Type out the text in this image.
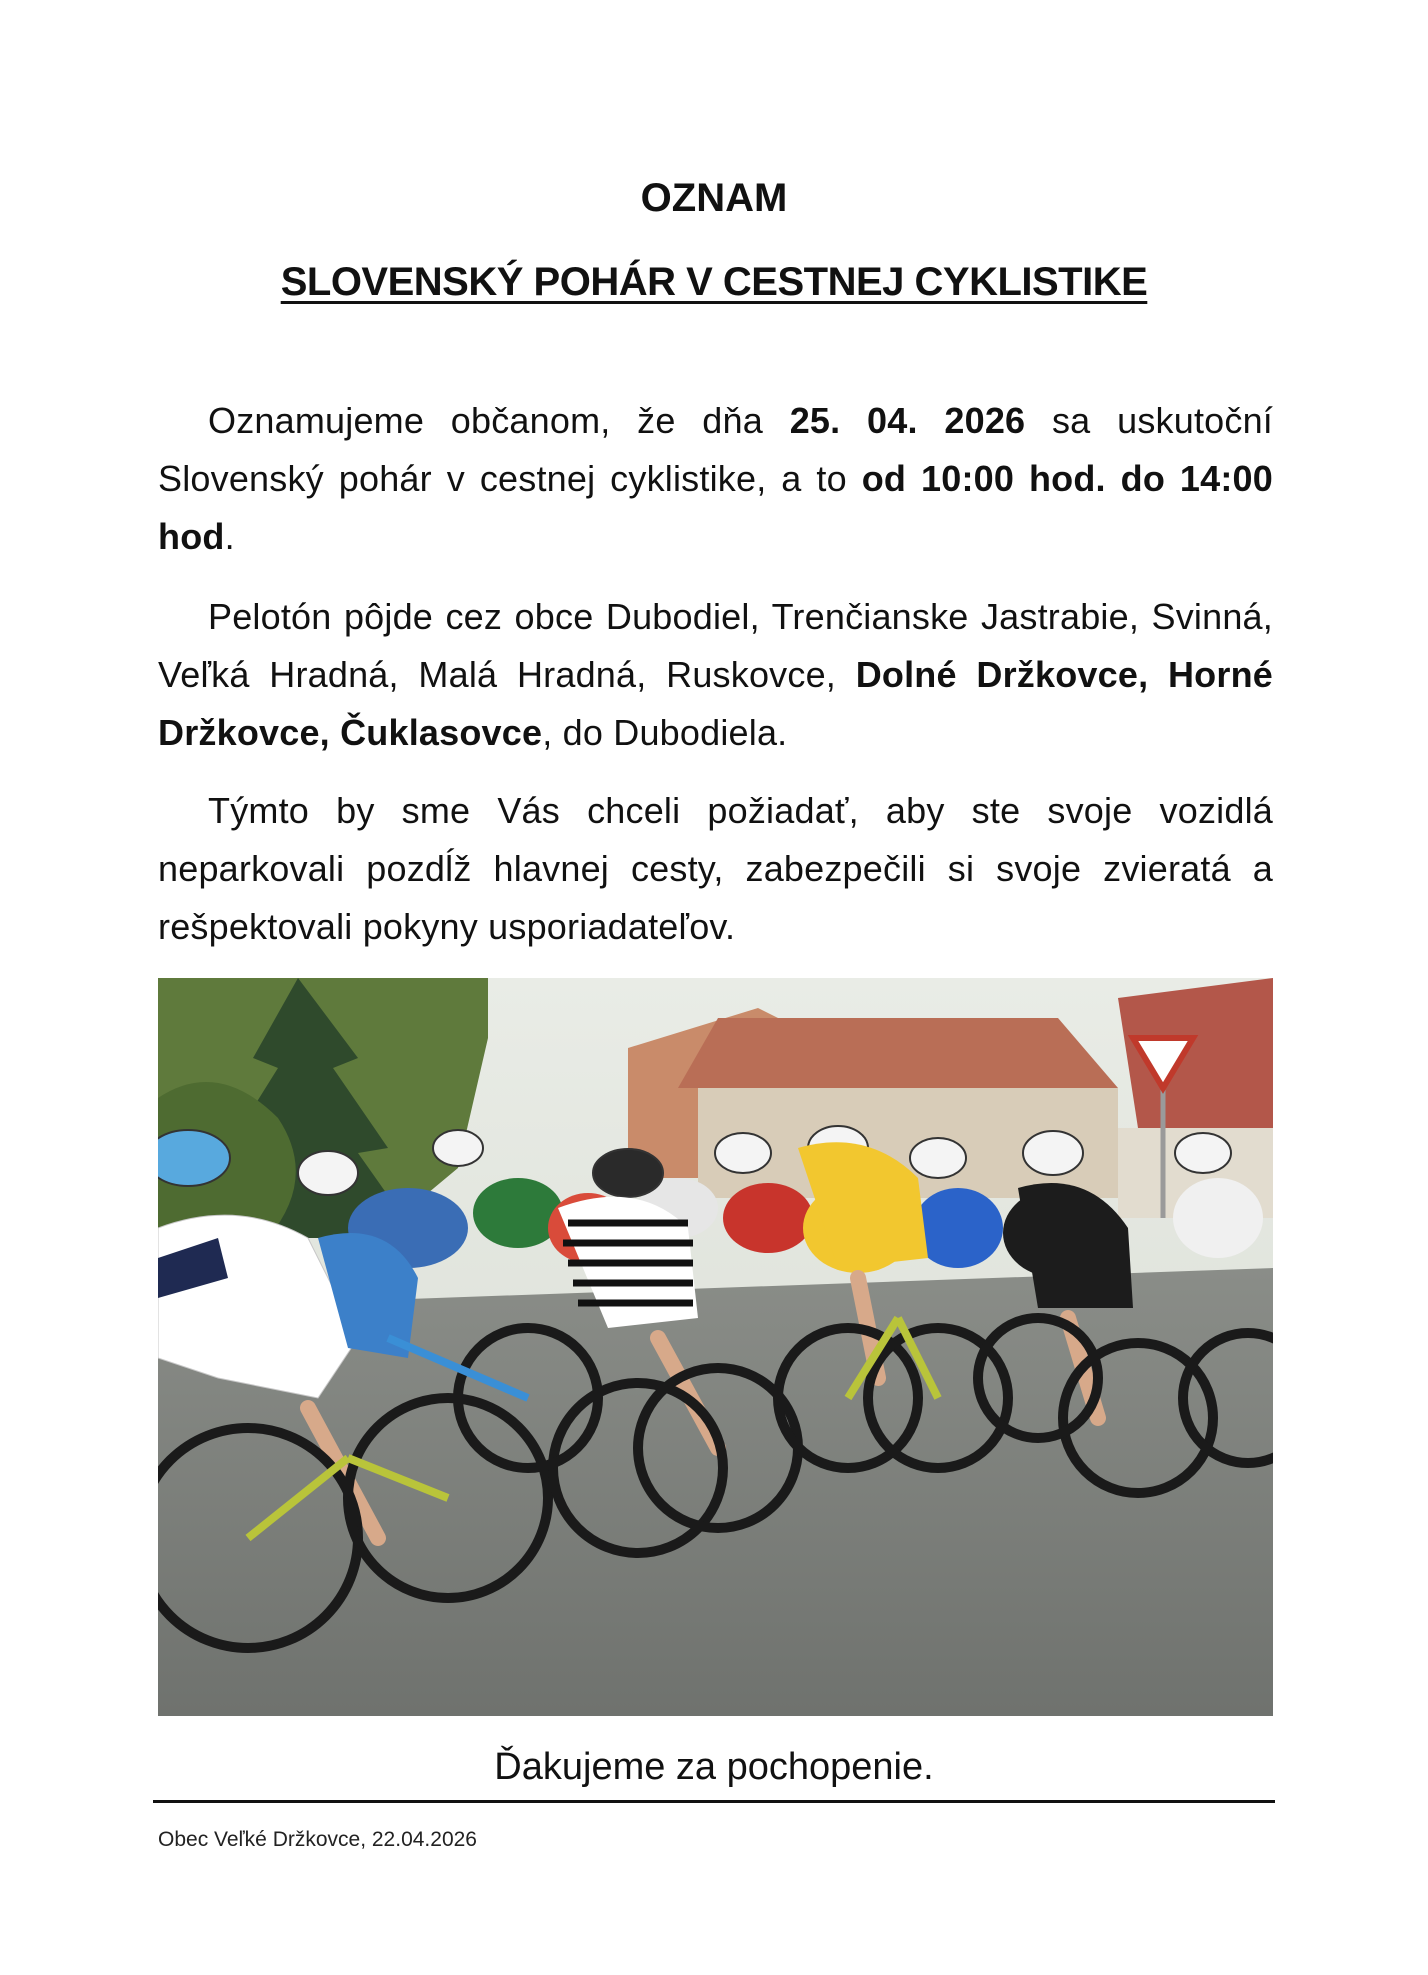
OZNAM
SLOVENSKÝ POHÁR V CESTNEJ CYKLISTIKE

Oznamujeme občanom, že dňa 25. 04. 2026 sa uskutoční Slovenský pohár v cestnej cyklistike, a to od 10:00 hod. do 14:00 hod.

Pelotón pôjde cez obce Dubodiel, Trenčianske Jastrabie, Svinná, Veľká Hradná, Malá Hradná, Ruskovce, Dolné Držkovce, Horné Držkovce, Čuklasovce, do Dubodiela.

Týmto by sme Vás chceli požiadať, aby ste svoje vozidlá neparkovali pozdĺž hlavnej cesty, zabezpečili si svoje zvieratá a rešpektovali pokyny usporiadateľov.

Ďakujeme za pochopenie.
Obec Veľké Držkovce, 22.04.2026
